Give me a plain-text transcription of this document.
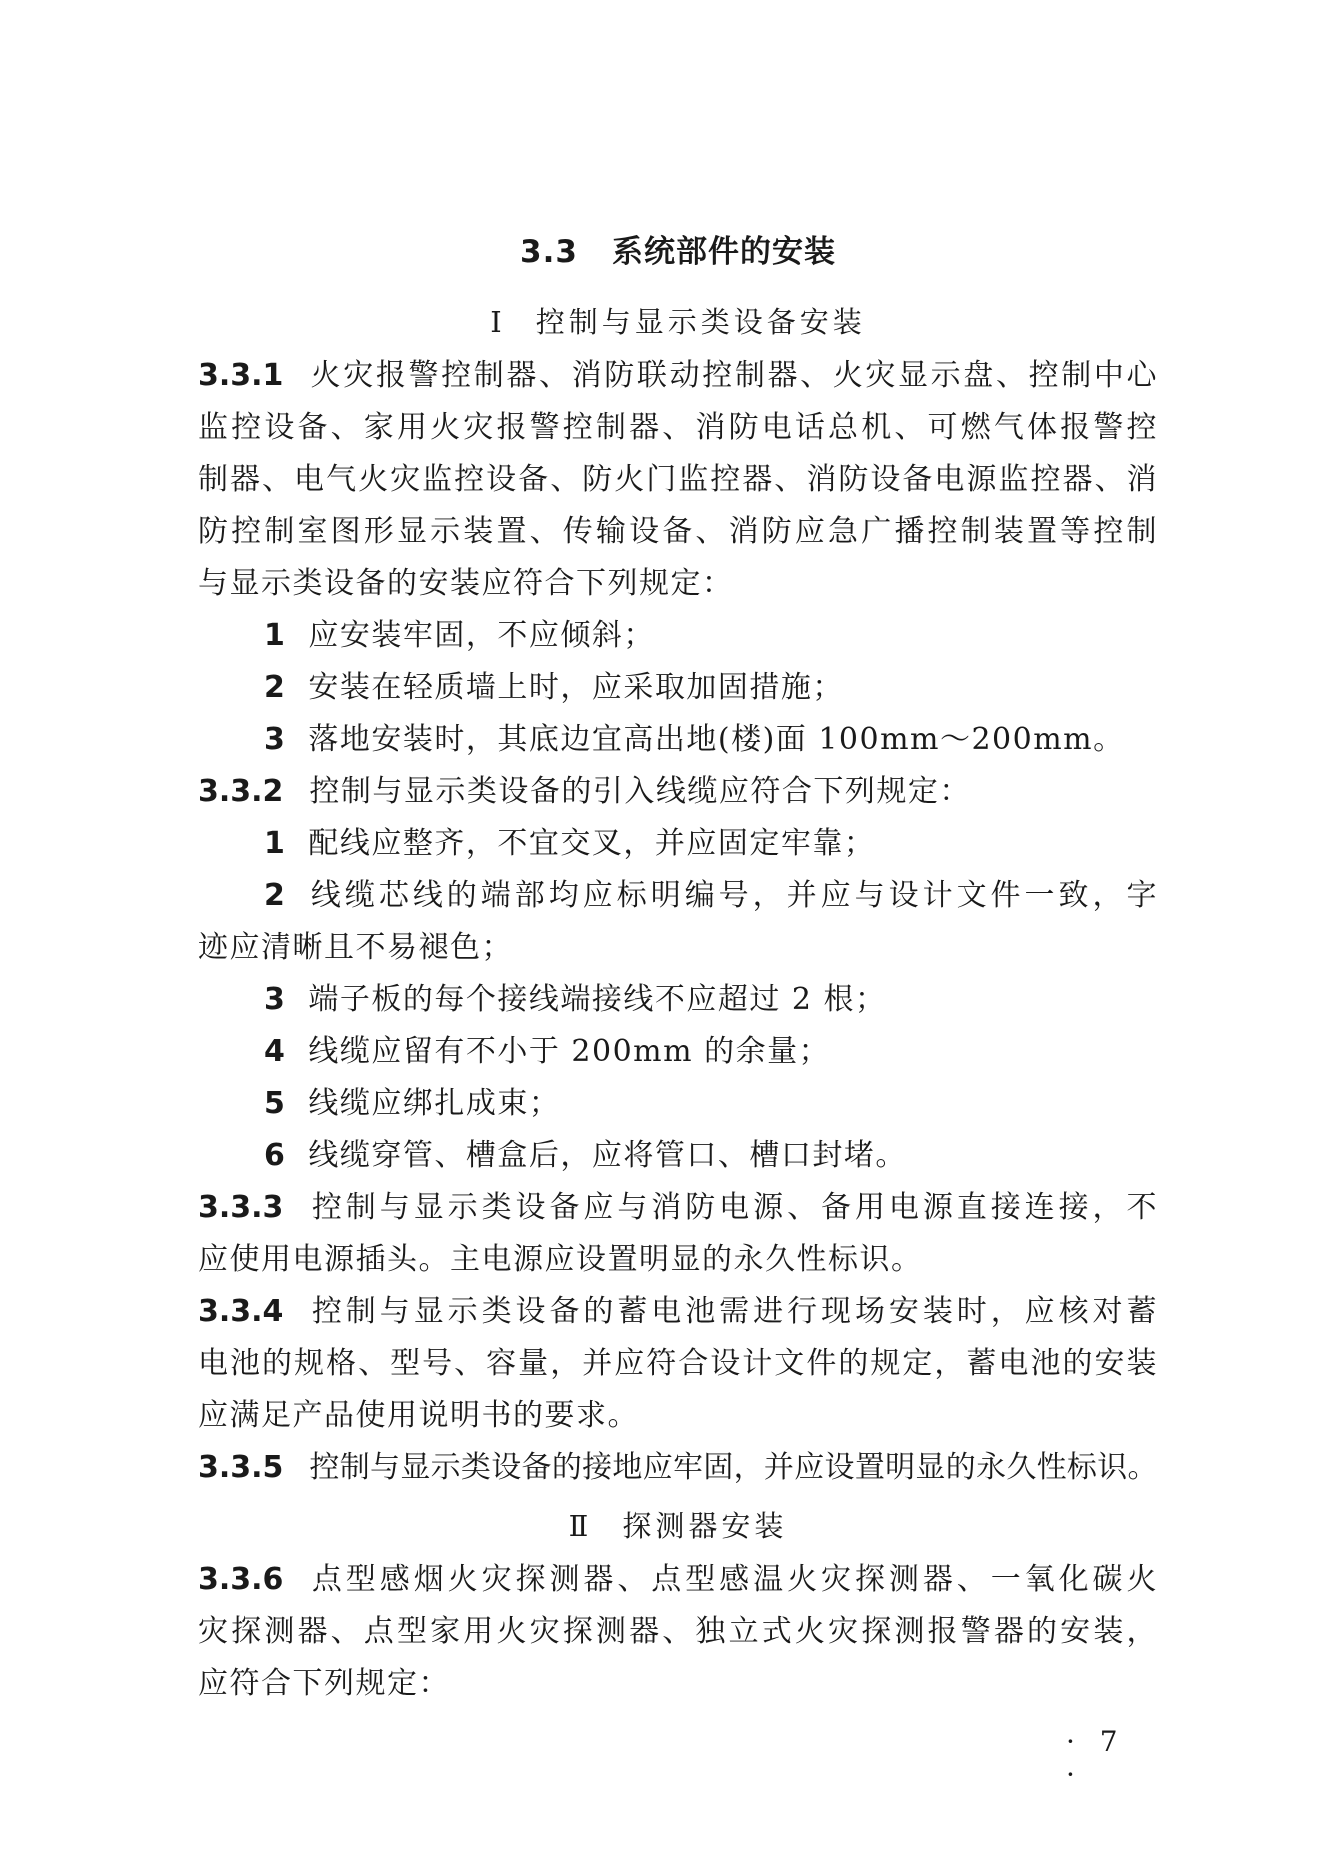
3.3 系统部件的安装
Ⅰ 控制与显示类设备安装
3.3.1 火灾报警控制器、消防联动控制器、火灾显示盘、控制中心
监控设备、家用火灾报警控制器、消防电话总机、可燃气体报警控
制器、电气火灾监控设备、防火门监控器、消防设备电源监控器、消
防控制室图形显示装置、传输设备、消防应急广播控制装置等控制
与显示类设备的安装应符合下列规定：
1 应安装牢固，不应倾斜；
2 安装在轻质墙上时，应采取加固措施；
3 落地安装时，其底边宜高出地(楼)面 100mm～200mm。
3.3.2 控制与显示类设备的引入线缆应符合下列规定：
1 配线应整齐，不宜交叉，并应固定牢靠；
2 线缆芯线的端部均应标明编号，并应与设计文件一致，字
迹应清晰且不易褪色；
3 端子板的每个接线端接线不应超过 2 根；
4 线缆应留有不小于 200mm 的余量；
5 线缆应绑扎成束；
6 线缆穿管、槽盒后，应将管口、槽口封堵。
3.3.3 控制与显示类设备应与消防电源、备用电源直接连接，不
应使用电源插头。主电源应设置明显的永久性标识。
3.3.4 控制与显示类设备的蓄电池需进行现场安装时，应核对蓄
电池的规格、型号、容量，并应符合设计文件的规定，蓄电池的安装
应满足产品使用说明书的要求。
3.3.5 控制与显示类设备的接地应牢固，并应设置明显的永久性标识。
Ⅱ 探测器安装
3.3.6 点型感烟火灾探测器、点型感温火灾探测器、一氧化碳火
灾探测器、点型家用火灾探测器、独立式火灾探测报警器的安装，
应符合下列规定：
· 7 ·
